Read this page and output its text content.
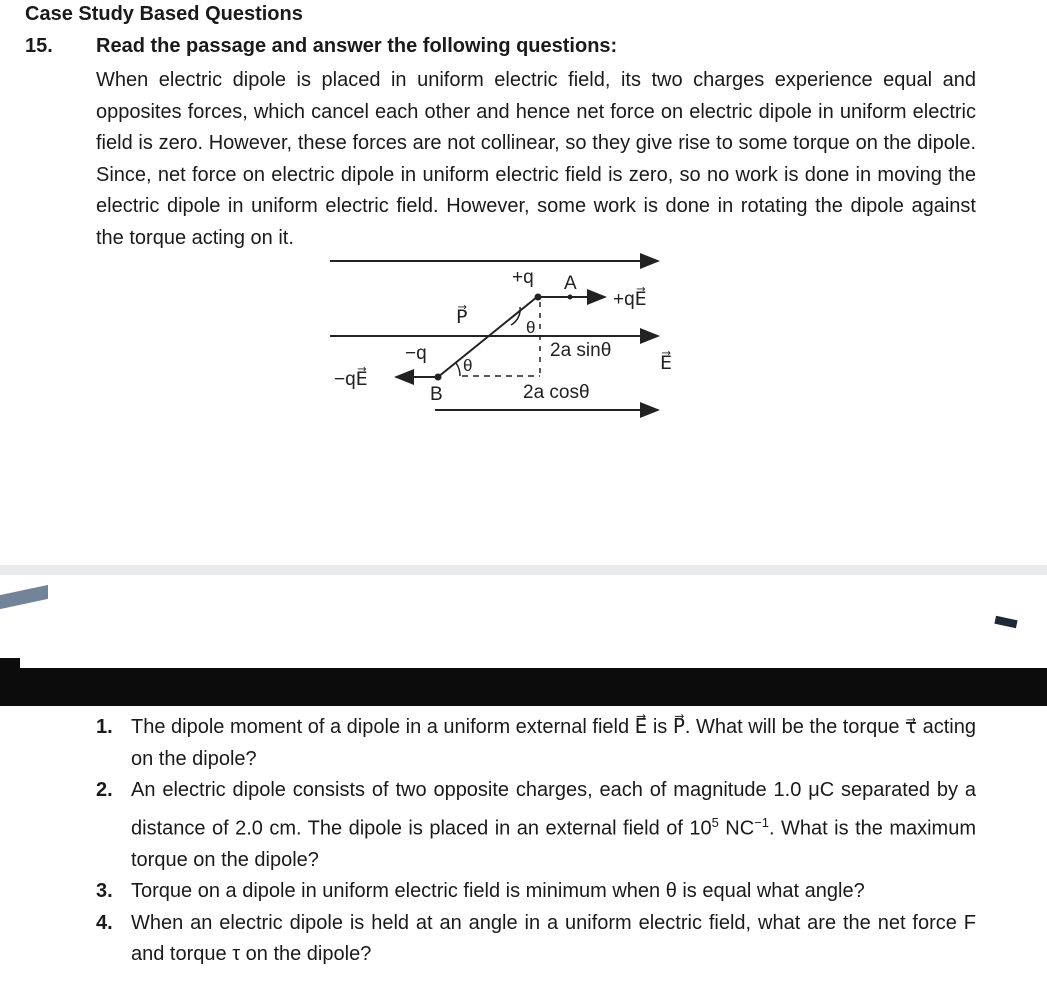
Case Study Based Questions
15. Read the passage and answer the following questions:

When electric dipole is placed in uniform electric field, its two charges experience equal and opposites forces, which cancel each other and hence net force on electric dipole in uniform electric field is zero. However, these forces are not collinear, so they give rise to some torque on the dipole. Since, net force on electric dipole in uniform electric field is zero, so no work is done in moving the electric dipole in uniform electric field. However, some work is done in rotating the dipole against the torque acting on it.

+q A
+qE⃗
P⃗	θ
−q
θ
2a sinθ
E⃗
−qE⃗
B	2a cosθ
1. The dipole moment of a dipole in a uniform external field E⃗ is P⃗. What will be the torque τ⃗ acting on the dipole?
2. An electric dipole consists of two opposite charges, each of magnitude 1.0 μC separated by a distance of 2.0 cm. The dipole is placed in an external field of $10^5$ $NC^{-1}$. What is the maximum torque on the dipole?
3. Torque on a dipole in uniform electric field is minimum when θ is equal what angle?
4. When an electric dipole is held at an angle in a uniform electric field, what are the net force F and torque τ on the dipole?
